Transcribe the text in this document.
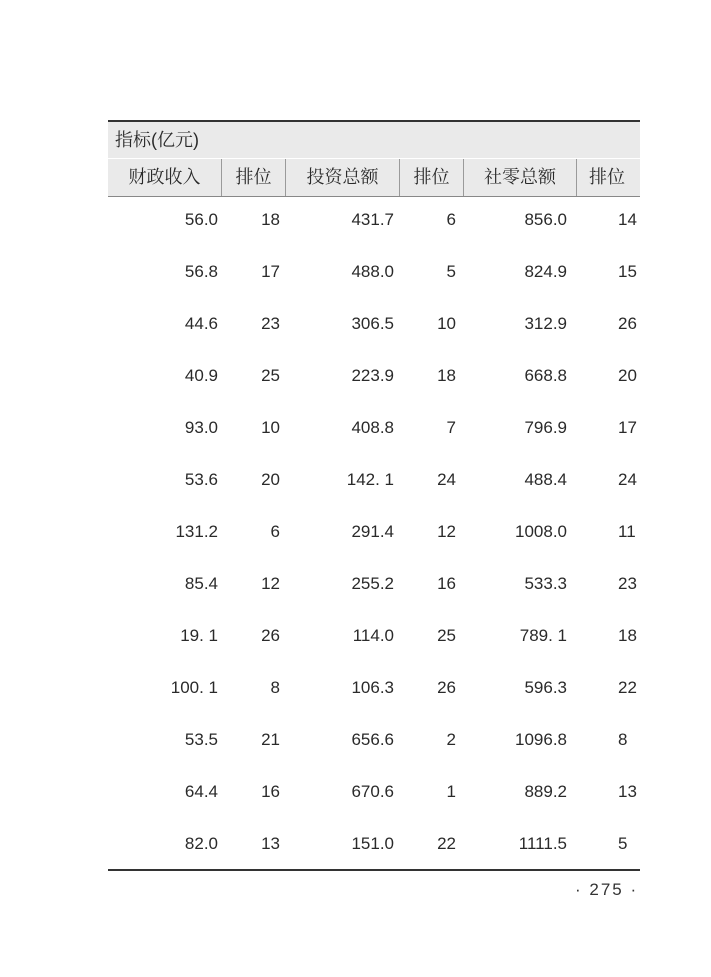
指标(亿元)
财政收入	排位	投资总额	排位	社零总额	排位
56.0	18	431.7	6	856.0	14
56.8	17	488.0	5	824.9	15
44.6	23	306.5	10	312.9	26
40.9	25	223.9	18	668.8	20
93.0	10	408.8	7	796.9	17
53.6	20	142. 1	24	488.4	24
131.2	6	291.4	12	1008.0	11
85.4	12	255.2	16	533.3	23
19. 1	26	114.0	25	789. 1	18
100. 1	8	106.3	26	596.3	22
53.5	21	656.6	2	1096.8	8
64.4	16	670.6	1	889.2	13
82.0	13	151.0	22	1111.5	5
· 275 ·
